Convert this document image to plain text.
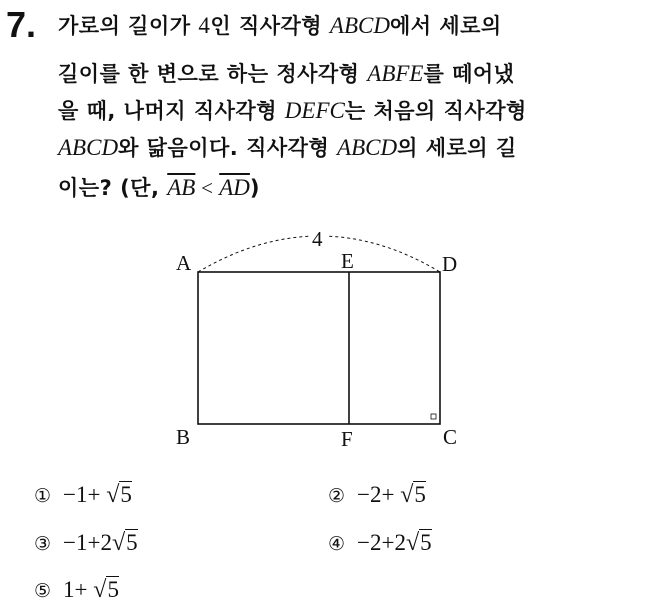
7. 가로의 길이가 4인 직사각형 ABCD에서 세로의
길이를 한 변으로 하는 정사각형 ABFE를 떼어냈
을 때, 나머지 직사각형 DEFC는 처음의 직사각형
ABCD와 닮음이다. 직사각형 ABCD의 세로의 길
이는? (단, $\overline{AB} < \overline{AD}$)
4
A	E	D
B	F	C
① −1+ √5	② −2+ √5
③ −1+2√5	④ −2+2√5
⑤ 1+ √5
